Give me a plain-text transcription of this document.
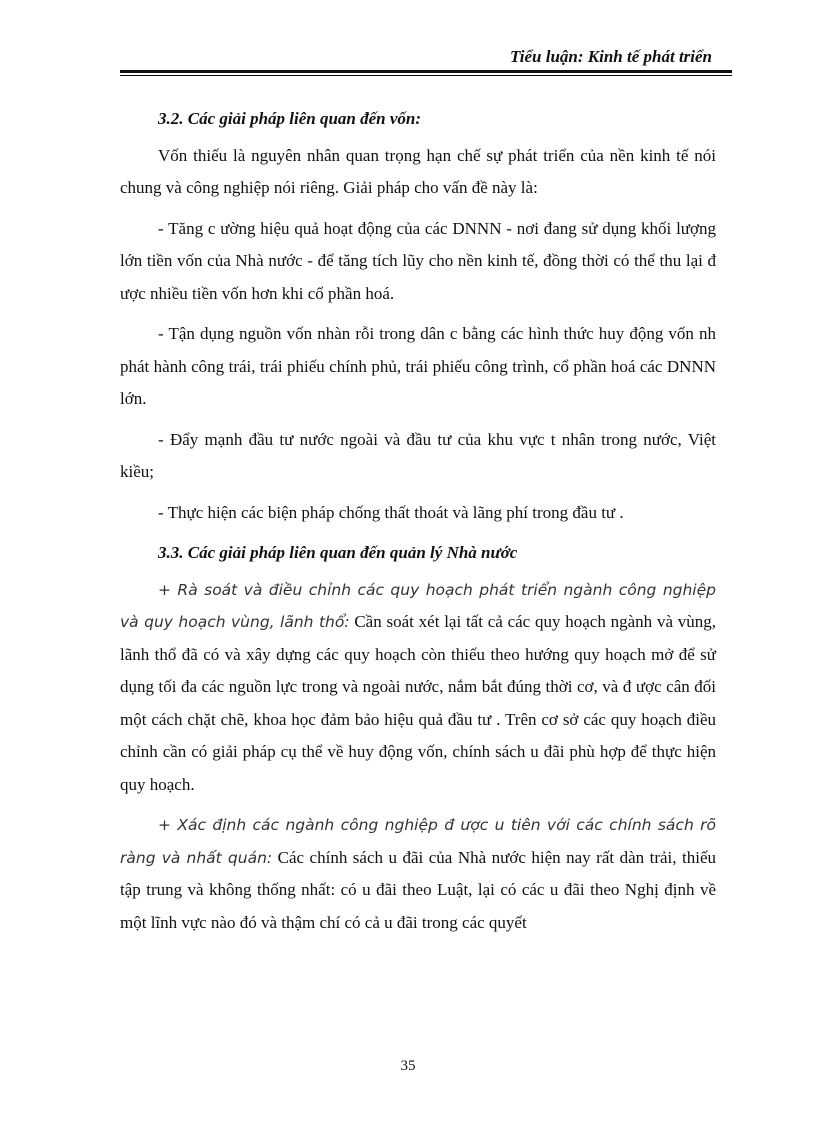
Tiểu luận: Kinh tế phát triển

3.2. Các giải pháp liên quan đến vốn:

Vốn thiếu là nguyên nhân quan trọng hạn chế sự phát triển của nền kinh tế nói chung và công nghiệp nói riêng. Giải pháp cho vấn đề này là:

- Tăng c ường hiệu quả hoạt động của các DNNN - nơi đang sử dụng khối lượng lớn tiền vốn của Nhà nước - để tăng tích lũy cho nền kinh tế, đồng thời có thể thu lại đ ược nhiều tiền vốn hơn khi cổ phần hoá.

- Tận dụng nguồn vốn nhàn rỗi trong dân c bằng các hình thức huy động vốn nh phát hành công trái, trái phiếu chính phủ, trái phiếu công trình, cổ phần hoá các DNNN lớn.

- Đẩy mạnh đầu tư nước ngoài và đầu tư của khu vực t nhân trong nước, Việt kiều;

- Thực hiện các biện pháp chống thất thoát và lãng phí trong đầu tư .

3.3. Các giải pháp liên quan đến quản lý Nhà nước

+ Rà soát và điều chỉnh các quy hoạch phát triển ngành công nghiệp và quy hoạch vùng, lãnh thổ: Cần soát xét lại tất cả các quy hoạch ngành và vùng, lãnh thổ đã có và xây dựng các quy hoạch còn thiếu theo hướng quy hoạch mở để sử dụng tối đa các nguồn lực trong và ngoài nước, nắm bắt đúng thời cơ, và đ ược cân đối một cách chặt chẽ, khoa học đảm bảo hiệu quả đầu tư . Trên cơ sở các quy hoạch điều chỉnh cần có giải pháp cụ thể về huy động vốn, chính sách u đãi phù hợp để thực hiện quy hoạch.

+ Xác định các ngành công nghiệp đ ược u tiên với các chính sách rõ ràng và nhất quán: Các chính sách u đãi của Nhà nước hiện nay rất dàn trải, thiếu tập trung và không thống nhất: có u đãi theo Luật, lại có các u đãi theo Nghị định về một lĩnh vực nào đó và thậm chí có cả u đãi trong các quyết

35
